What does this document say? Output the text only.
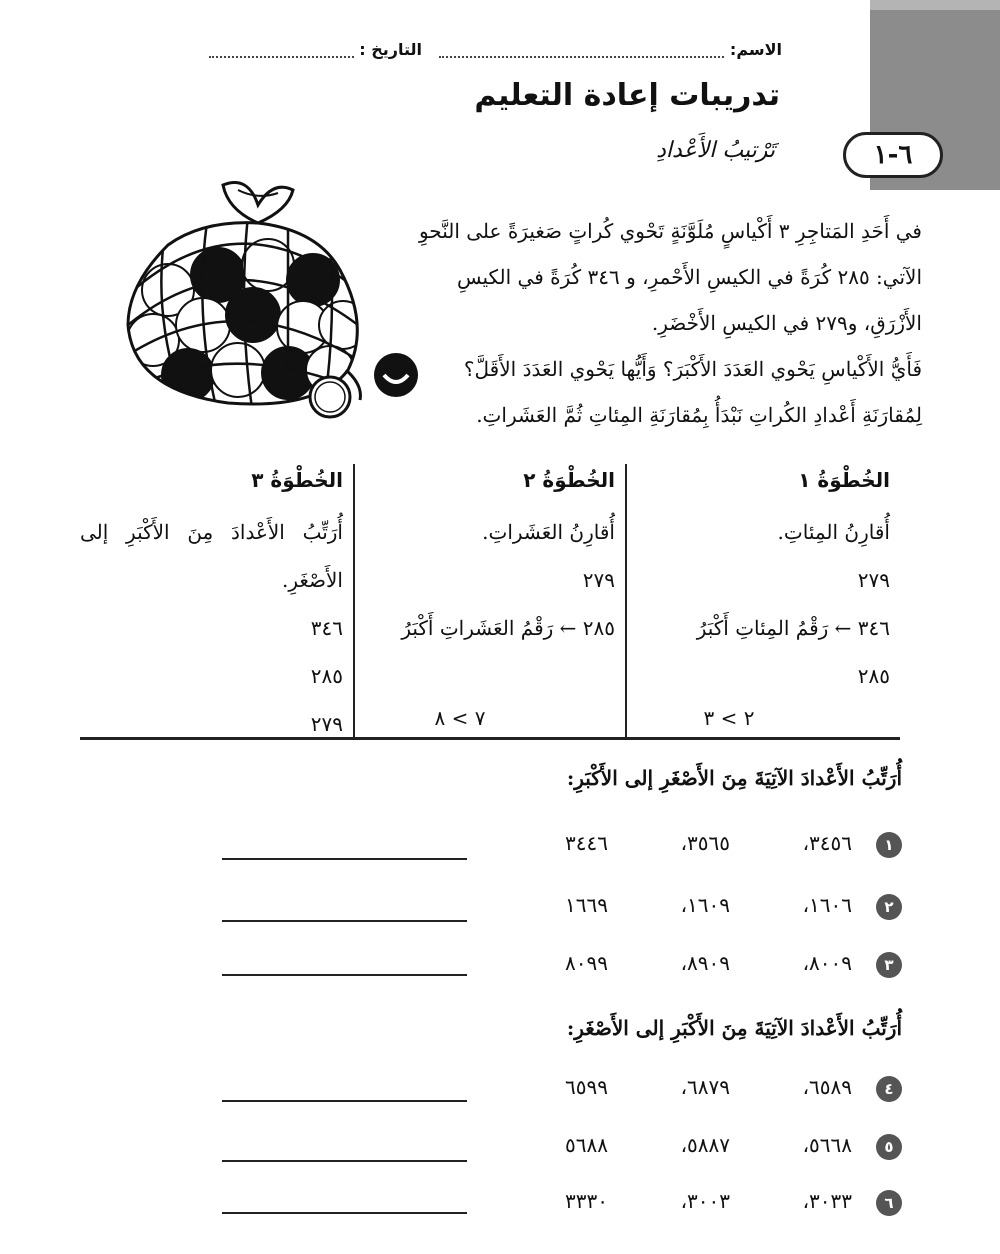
٦-١
الاسم:
التاريخ :
تدريبات إعادة التعليم
تَرْتيبُ الأَعْدادِ

في أَحَدِ المَتاجِرِ ٣ أَكْياسٍ مُلَوَّنَةٍ تَحْوي كُراتٍ صَغيرَةً على النَّحوِ

الآتي: ٢٨٥ كُرَةً في الكيسِ الأَحْمرِ، و ٣٤٦ كُرَةً في الكيسِ

الأَزْرَقِ، و٢٧٩ في الكيسِ الأَخْضَرِ.

فَأَيُّ الأَكْياسِ يَحْوي العَدَدَ الأَكْبَرَ؟ وَأَيُّها يَحْوي العَدَدَ الأَقَلَّ؟

لِمُقارَنَةِ أَعْدادِ الكُراتِ نَبْدَأُ بِمُقارَنَةِ المِئاتِ ثُمَّ العَشَراتِ.

الخُطْوَةُ ١
أُقارِنُ المِئاتِ.
٢٧٩
٣٤٦ ← رَقْمُ المِئاتِ أَكْبَرُ
٢٨٥
٢ > ٣
الخُطْوَةُ ٢
أُقارِنُ العَشَراتِ.
٢٧٩
٢٨٥ ← رَقْمُ العَشَراتِ أَكْبَرُ
٧ > ٨
الخُطْوَةُ ٣
أُرَتِّبُ الأَعْدادَ مِنَ الأَكْبَرِ إلى
الأَصْغَرِ.
٣٤٦
٢٨٥
٢٧٩
أُرَتِّبُ الأَعْدادَ الآتِيَةَ مِنَ الأَصْغَرِ إلى الأَكْبَرِ:
١
٣٤٥٦،
٣٥٦٥،
٣٤٤٦
٢
١٦٠٦،
١٦٠٩،
١٦٦٩
٣
٨٠٠٩،
٨٩٠٩،
٨٠٩٩
أُرَتِّبُ الأَعْدادَ الآتِيَةَ مِنَ الأَكْبَرِ إلى الأَصْغَرِ:
٤
٦٥٨٩،
٦٨٧٩،
٦٥٩٩
٥
٥٦٦٨،
٥٨٨٧،
٥٦٨٨
٦
٣٠٣٣،
٣٠٠٣،
٣٣٣٠
